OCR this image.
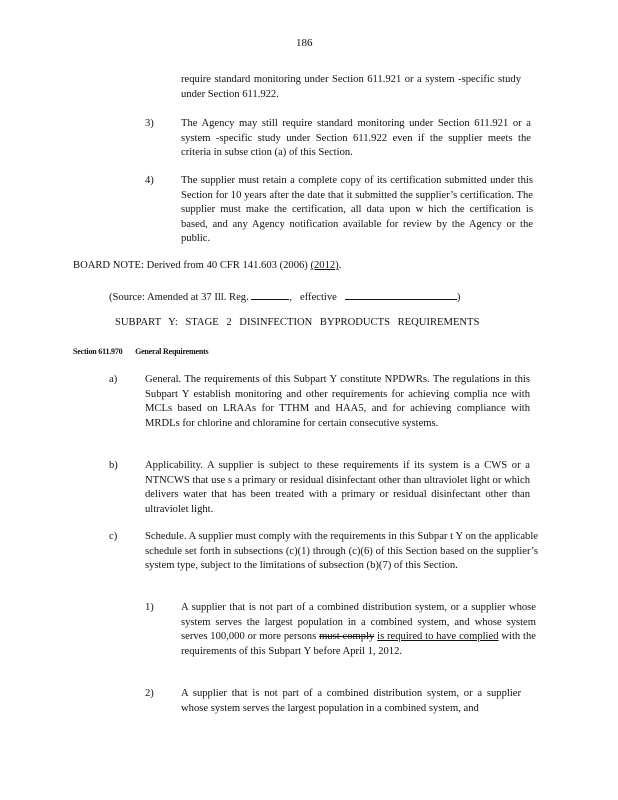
186
require standard monitoring under Section 611.921 or a system -specific study under Section 611.922.
3)	The Agency may still require standard monitoring under Section 611.921 or a system -specific study under Section 611.922 even if the supplier meets the criteria in subse ction (a) of this Section.
4)	The supplier must retain a complete copy of its certification submitted under this Section for 10 years after the date that it submitted the supplier’s certification. The supplier must make the certification, all data upon w hich the certification is based, and any Agency notification available for review by the Agency or the public.
BOARD NOTE: Derived from 40 CFR 141.603 (2006) (2012).
(Source: Amended at 37 Ill. Reg.	, effective	)
SUBPART Y: STAGE 2 DISINFECTION BYPRODUCTS REQUIREMENTS
Section 611.970 General Requirements
a)	General. The requirements of this Subpart Y constitute NPDWRs. The regulations in this Subpart Y establish monitoring and other requirements for achieving complia nce with MCLs based on LRAAs for TTHM and HAA5, and for achieving compliance with MRDLs for chlorine and chloramine for certain consecutive systems.
b)	Applicability. A supplier is subject to these requirements if its system is a CWS or a NTNCWS that use s a primary or residual disinfectant other than ultraviolet light or which delivers water that has been treated with a primary or residual disinfectant other than ultraviolet light.
c)	Schedule. A supplier must comply with the requirements in this Subpar t Y on the applicable schedule set forth in subsections (c)(1) through (c)(6) of this Section based on the supplier’s system type, subject to the limitations of subsection (b)(7) of this Section.
1)	A supplier that is not part of a combined distribution system, or a supplier whose system serves the largest population in a combined system, and whose system serves 100,000 or more persons must comply is required to have complied with the requirements of this Subpart Y before April 1, 2012.
2)	A supplier that is not part of a combined distribution system, or a supplier whose system serves the largest population in a combined system, and
